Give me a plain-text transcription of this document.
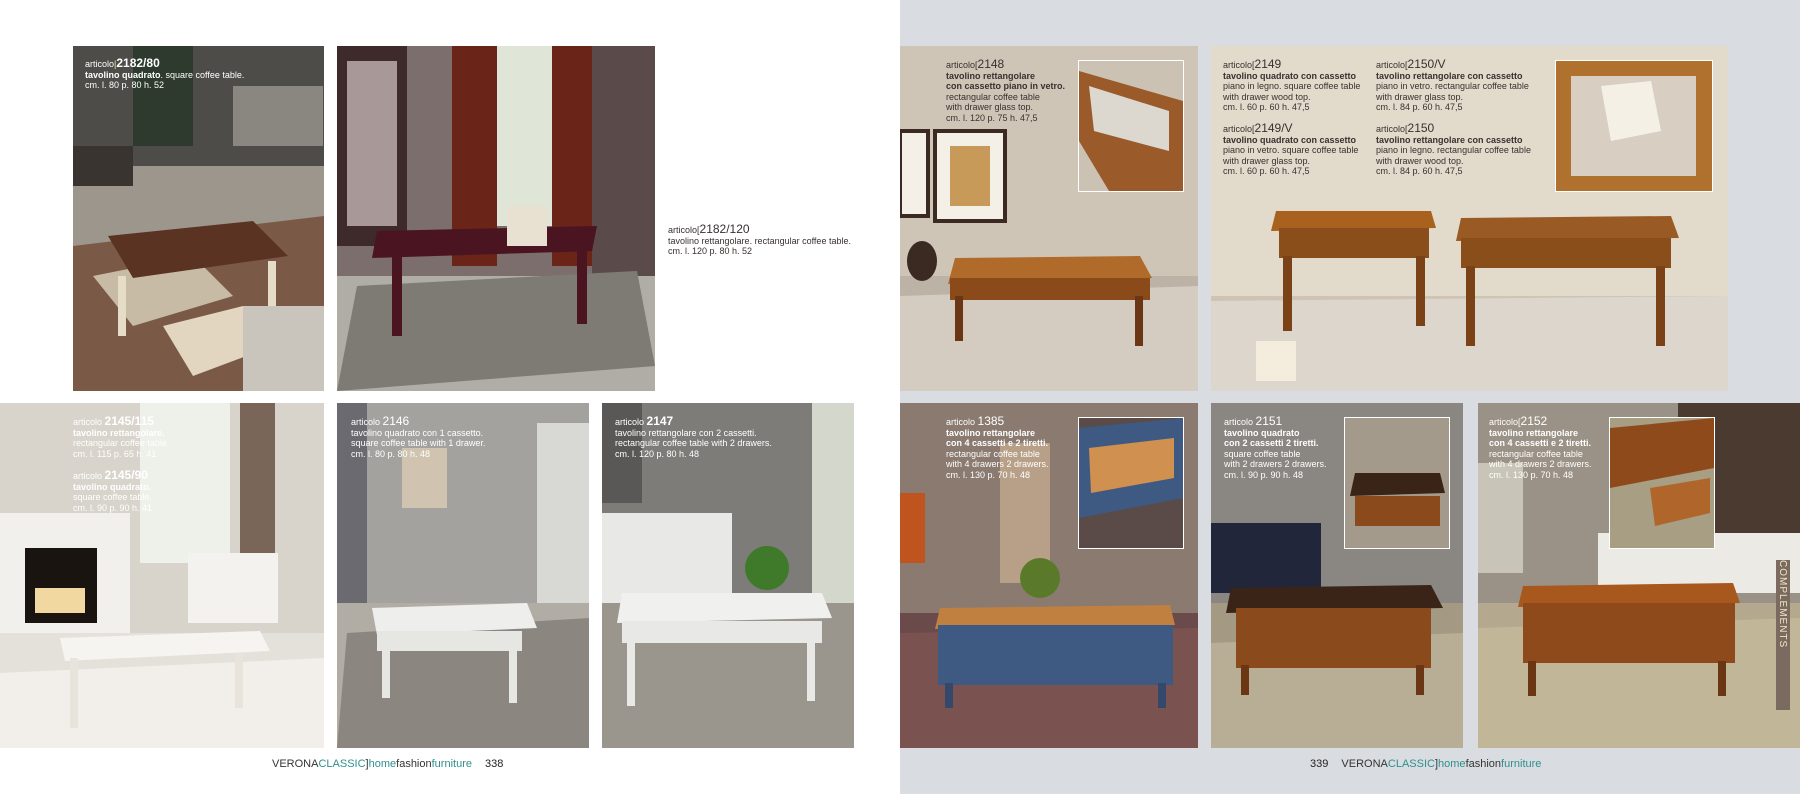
articolo|2182/80
tavolino quadrato. square coffee table.
cm. l. 80 p. 80 h. 52
articolo[2182/120
tavolino rettangolare. rectangular coffee table.
cm. l. 120 p. 80 h. 52
articolo 2145/115
tavolino rettangolare.
rectangular coffee table.
cm. l. 115 p. 65 h. 41
articolo 2145/90
tavolino quadrato.
square coffee table.
cm. l. 90 p. 90 h. 41
articolo 2146
tavolino quadrato con 1 cassetto.
square coffee table with 1 drawer.
cm. l. 80 p. 80 h. 48
articolo 2147
tavolino rettangolare con 2 cassetti.
rectangular coffee table with 2 drawers.
cm. l. 120 p. 80 h. 48
articolo[2148
tavolino rettangolare
con cassetto piano in vetro.
rectangular coffee table
with drawer glass top.
cm. l. 120 p. 75 h. 47,5
articolo[2149
tavolino quadrato con cassetto
piano in legno. square coffee table
with drawer wood top.
cm. l. 60 p. 60 h. 47,5
articolo[2150/V
tavolino rettangolare con cassetto
piano in vetro. rectangular coffee table
with drawer glass top.
cm. l. 84 p. 60 h. 47,5
articolo[2149/V
tavolino quadrato con cassetto
piano in vetro. square coffee table
with drawer glass top.
cm. l. 60 p. 60 h. 47,5
articolo[2150
tavolino rettangolare con cassetto
piano in legno. rectangular coffee table
with drawer wood top.
cm. l. 84 p. 60 h. 47,5
articolo 1385
tavolino rettangolare
con 4 cassetti e 2 tiretti.
rectangular coffee table
with 4 drawers 2 drawers.
cm. l. 130 p. 70 h. 48
articolo 2151
tavolino quadrato
con 2 cassetti 2 tiretti.
square coffee table
with 2 drawers 2 drawers.
cm. l. 90 p. 90 h. 48
articolo[2152
tavolino rettangolare
con 4 cassetti e 2 tiretti.
rectangular coffee table
with 4 drawers 2 drawers.
cm. l. 130 p. 70 h. 48
COMPLEMENTS
VERONACLASSIC]homefashionfurniture 338	339 VERONACLASSIC]homefashionfurniture
